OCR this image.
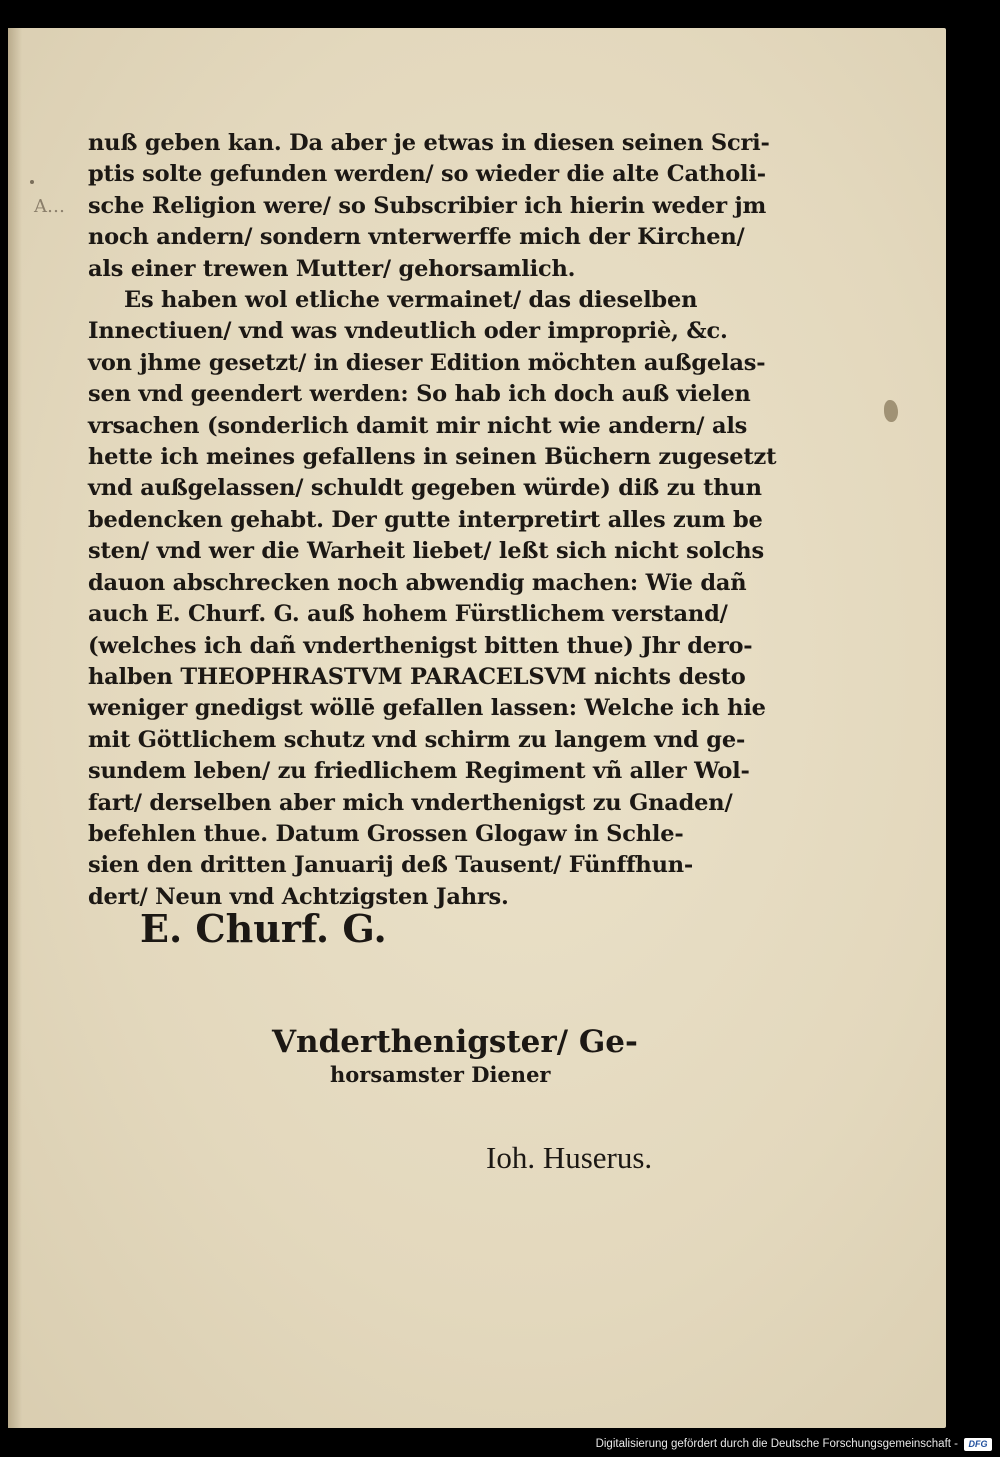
A…
nuß geben kan. Da aber je etwas in diesen seinen Scri-
ptis solte gefunden werden/ so wieder die alte Catholi-
sche Religion were/ so Subscribier ich hierin weder jm
noch andern/ sondern vnterwerffe mich der Kirchen/
als einer trewen Mutter/ gehorsamlich.
Es haben wol etliche vermainet/ das dieselben
Innectiuen/ vnd was vndeutlich oder impropriè, &c.
von jhme gesetzt/ in dieser Edition möchten außgelas-
sen vnd geendert werden: So hab ich doch auß vielen
vrsachen (sonderlich damit mir nicht wie andern/ als
hette ich meines gefallens in seinen Büchern zugesetzt
vnd außgelassen/ schuldt gegeben würde) diß zu thun
bedencken gehabt. Der gutte interpretirt alles zum be
sten/ vnd wer die Warheit liebet/ leßt sich nicht solchs
dauon abschrecken noch abwendig machen: Wie dañ
auch E. Churf. G. auß hohem Fürstlichem verstand/
(welches ich dañ vnderthenigst bitten thue) Jhr dero-
halben THEOPHRASTVM PARACELSVM nichts desto
weniger gnedigst wöllē gefallen lassen: Welche ich hie
mit Göttlichem schutz vnd schirm zu langem vnd ge-
sundem leben/ zu friedlichem Regiment vñ aller Wol-
fart/ derselben aber mich vnderthenigst zu Gnaden/
befehlen thue. Datum Grossen Glogaw in Schle-
sien den dritten Januarij deß Tausent/ Fünffhun-
dert/ Neun vnd Achtzigsten Jahrs.
E. Churf. G.
Vnderthenigster/ Ge-
horsamster Diener
Ioh. Huserus.
Digitalisierung gefördert durch die Deutsche Forschungsgemeinschaft -	DFG
